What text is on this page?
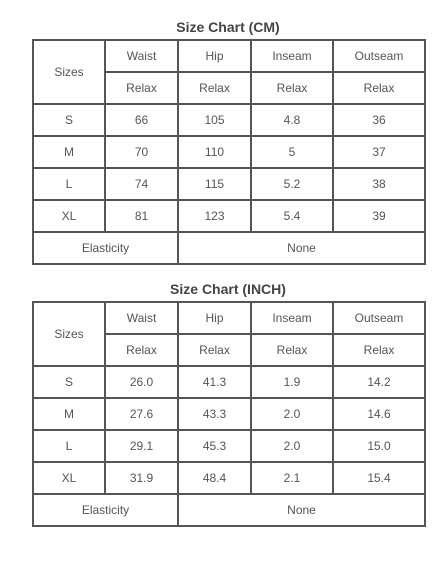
Size Chart (CM)
Sizes	Waist	Hip	Inseam	Outseam
	Relax	Relax	Relax	Relax
S	66	105	4.8	36
M	70	110	5	37
L	74	115	5.2	38
XL	81	123	5.4	39
Elasticity		None		
Size Chart (INCH)
Sizes	Waist	Hip	Inseam	Outseam
	Relax	Relax	Relax	Relax
S	26.0	41.3	1.9	14.2
M	27.6	43.3	2.0	14.6
L	29.1	45.3	2.0	15.0
XL	31.9	48.4	2.1	15.4
Elasticity		None		
